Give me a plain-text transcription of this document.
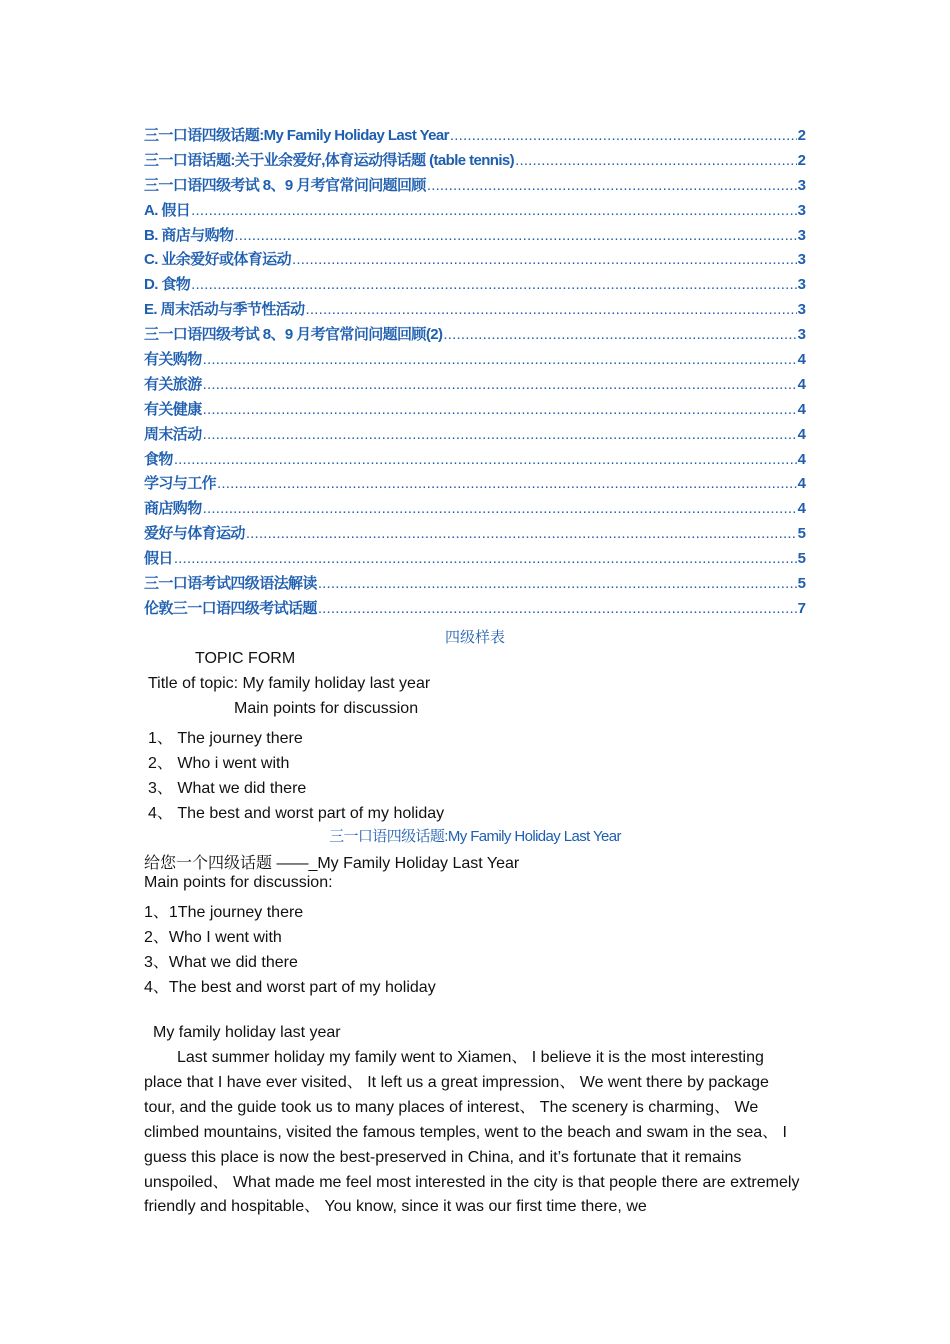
三一口语四级话题:My Family Holiday Last Year .....	2
三一口语话题:关于业余爱好,体育运动得话题 (table tennis) .....	2
三一口语四级考试 8、9 月考官常问问题回顾 .....	3
A. 假日 .....	3
B. 商店与购物 .....	3
C. 业余爱好或体育运动 .....	3
D. 食物 .....	3
E. 周末活动与季节性活动 .....	3
三一口语四级考试 8、9 月考官常问问题回顾(2) .....	3
有关购物 .....	4
有关旅游 .....	4
有关健康 .....	4
周末活动 .....	4
食物 .....	4
学习与工作 .....	4
商店购物 .....	4
爱好与体育运动 .....	5
假日 .....	5
三一口语考试四级语法解读 .....	5
伦敦三一口语四级考试话题 .....	7
四级样表
TOPIC FORM
Title of topic: My family holiday last year
Main points for discussion
1、 The journey there
2、 Who i went with
3、 What we did there
4、 The best and worst part of my holiday
三一口语四级话题:My Family Holiday Last Year
给您一个四级话题 ——_My Family Holiday Last Year
Main points for discussion:
1、1The journey there
2、Who I went with
3、What we did there
4、The best and worst part of my holiday
My family holiday last year
Last summer holiday my family went to Xiamen、 I believe it is the most interesting place that I have ever visited、 It left us a great impression、 We went there by package tour, and the guide took us to many places of interest、 The scenery is charming、 We climbed mountains, visited the famous temples, went to the beach and swam in the sea、 I guess this place is now the best-preserved in China, and it’s fortunate that it remains unspoiled、 What made me feel most interested in the city is that people there are extremely friendly and hospitable、 You know, since it was our first time there, we
